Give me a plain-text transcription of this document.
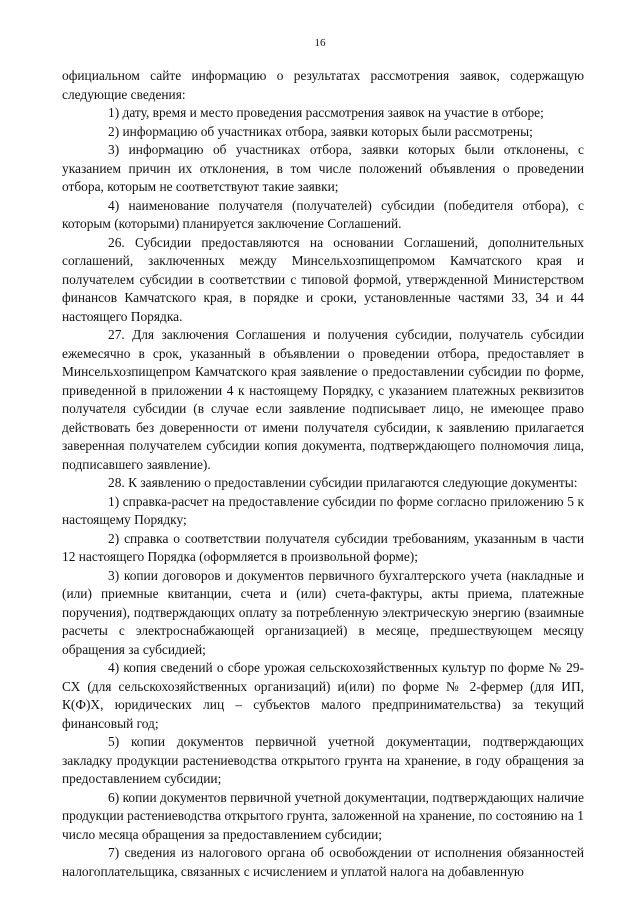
16

официальном сайте информацию о результатах рассмотрения заявок, содержащую следующие сведения:

1) дату, время и место проведения рассмотрения заявок на участие в отборе;

2) информацию об участниках отбора, заявки которых были рассмотрены;

3) информацию об участниках отбора, заявки которых были отклонены, с указанием причин их отклонения, в том числе положений объявления о проведении отбора, которым не соответствуют такие заявки;

4) наименование получателя (получателей) субсидии (победителя отбора), с которым (которыми) планируется заключение Соглашений.

26. Субсидии предоставляются на основании Соглашений, дополнительных соглашений, заключенных между Минсельхозпищепромом Камчатского края и получателем субсидии в соответствии с типовой формой, утвержденной Министерством финансов Камчатского края, в порядке и сроки, установленные частями 33, 34 и 44 настоящего Порядка.

27. Для заключения Соглашения и получения субсидии, получатель субсидии ежемесячно в срок, указанный в объявлении о проведении отбора, предоставляет в Минсельхозпищепром Камчатского края заявление о предоставлении субсидии по форме, приведенной в приложении 4 к настоящему Порядку, с указанием платежных реквизитов получателя субсидии (в случае если заявление подписывает лицо, не имеющее право действовать без доверенности от имени получателя субсидии, к заявлению прилагается заверенная получателем субсидии копия документа, подтверждающего полномочия лица, подписавшего заявление).

28. К заявлению о предоставлении субсидии прилагаются следующие документы:

1) справка-расчет на предоставление субсидии по форме согласно приложению 5 к настоящему Порядку;

2) справка о соответствии получателя субсидии требованиям, указанным в части 12 настоящего Порядка (оформляется в произвольной форме);

3) копии договоров и документов первичного бухгалтерского учета (накладные и (или) приемные квитанции, счета и (или) счета-фактуры, акты приема, платежные поручения), подтверждающих оплату за потребленную электрическую энергию (взаимные расчеты с электроснабжающей организацией) в месяце, предшествующем месяцу обращения за субсидией;

4) копия сведений о сборе урожая сельскохозяйственных культур по форме № 29-СХ (для сельскохозяйственных организаций) и(или) по форме № 2-фермер (для ИП, К(Ф)Х, юридических лиц – субъектов малого предпринимательства) за текущий финансовый год;

5) копии документов первичной учетной документации, подтверждающих закладку продукции растениеводства открытого грунта на хранение, в году обращения за предоставлением субсидии;

6) копии документов первичной учетной документации, подтверждающих наличие продукции растениеводства открытого грунта, заложенной на хранение, по состоянию на 1 число месяца обращения за предоставлением субсидии;

7) сведения из налогового органа об освобождении от исполнения обязанностей налогоплательщика, связанных с исчислением и уплатой налога на добавленную
